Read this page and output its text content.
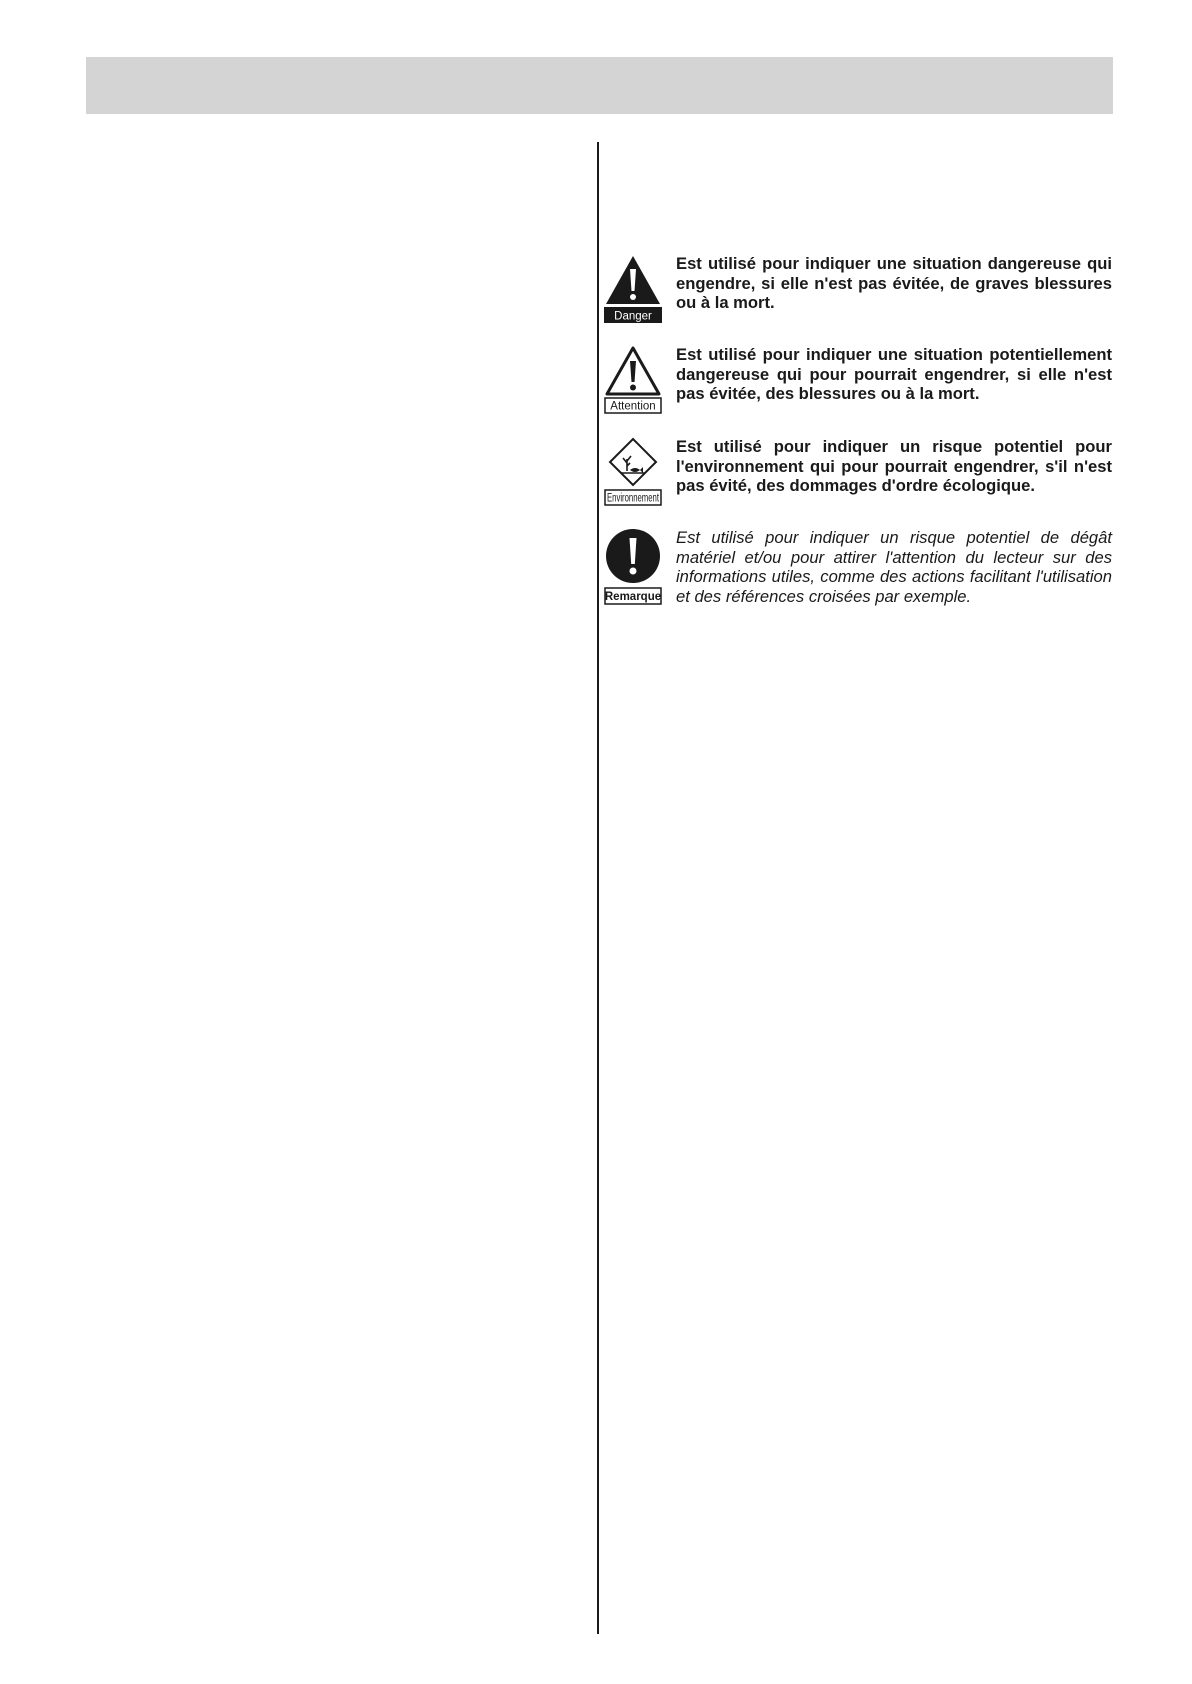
Danger
Est utilisé pour indiquer une situation dangereuse qui engendre, si elle n'est pas évitée, de graves blessures ou à la mort.
Attention
Est utilisé pour indiquer une situation potentiellement dangereuse qui pour pourrait engendrer, si elle n'est pas évitée, des blessures ou à la mort.
Environnement
Est utilisé pour indiquer un risque potentiel pour l'environnement qui pour pourrait engendrer, s'il n'est pas évité, des dommages d'ordre écologique.
Remarque
Est utilisé pour indiquer un risque potentiel de dégât matériel et/ou pour attirer l'attention du lecteur sur des informations utiles, comme des actions facilitant l'utilisation et des références croisées par exemple.
